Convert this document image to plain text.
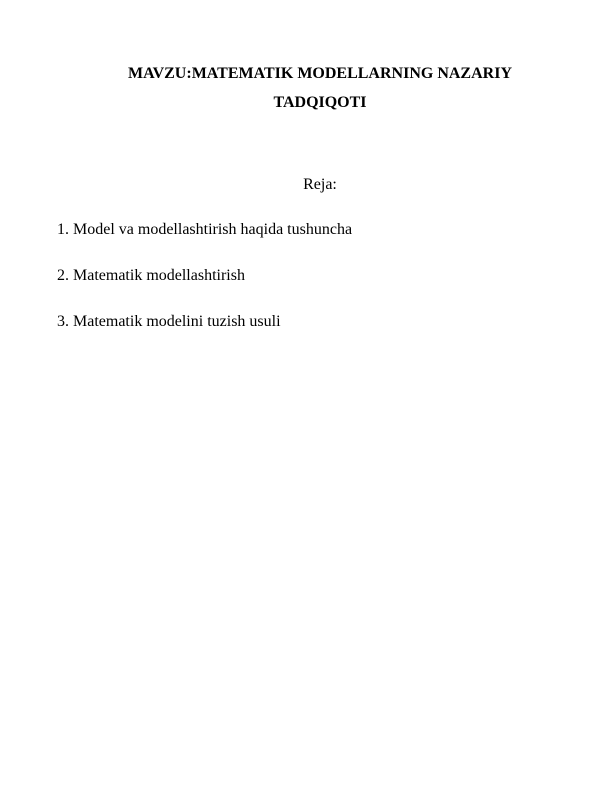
MAVZU:MATEMATIK MODELLARNING NAZARIY
TADQIQOTI
Reja:
1. Model va modellashtirish haqida tushuncha
2. Matematik modellashtirish
3. Matematik modelini tuzish usuli
